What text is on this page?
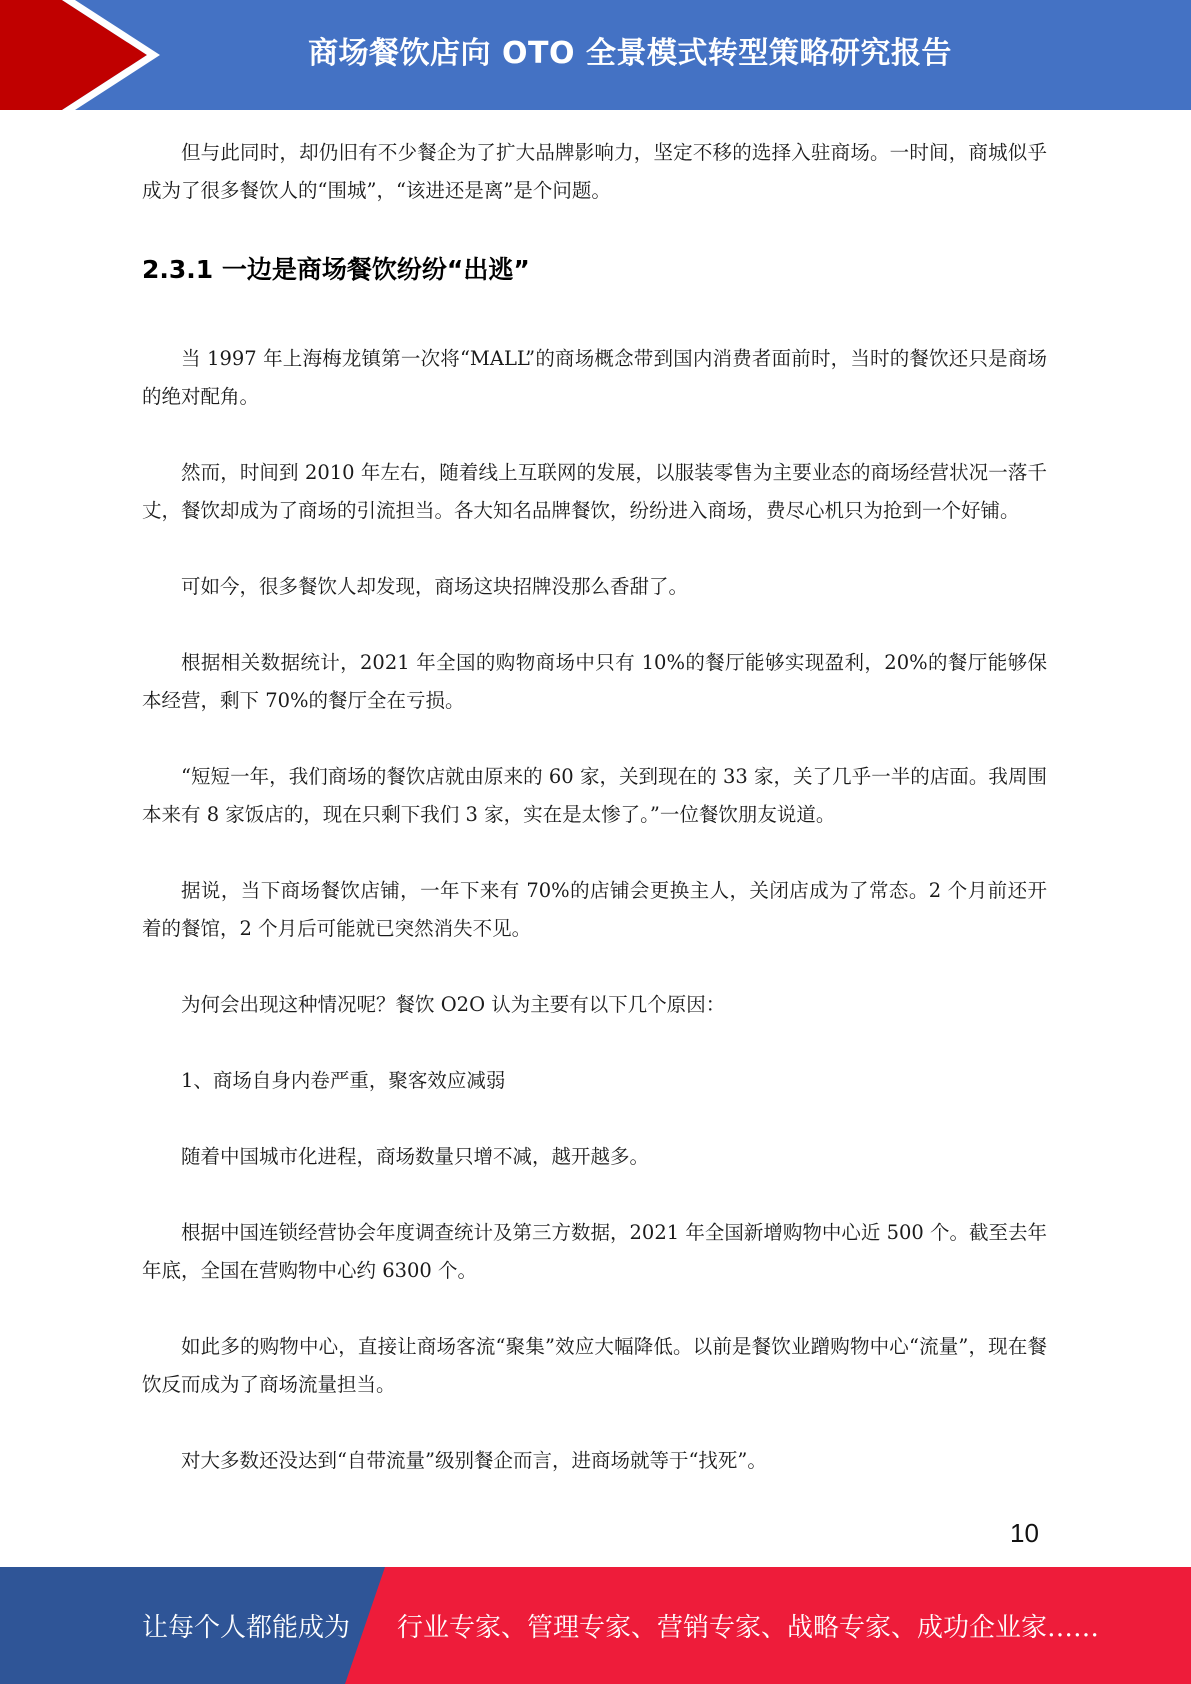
商场餐饮店向 OTO 全景模式转型策略研究报告

但与此同时，却仍旧有不少餐企为了扩大品牌影响力，坚定不移的选择入驻商场。一时间，商城似乎成为了很多餐饮人的“围城”，“该进还是离”是个问题。

2.3.1 一边是商场餐饮纷纷“出逃”

当 1997 年上海梅龙镇第一次将“MALL”的商场概念带到国内消费者面前时，当时的餐饮还只是商场的绝对配角。

然而，时间到 2010 年左右，随着线上互联网的发展，以服装零售为主要业态的商场经营状况一落千丈，餐饮却成为了商场的引流担当。各大知名品牌餐饮，纷纷进入商场，费尽心机只为抢到一个好铺。

可如今，很多餐饮人却发现，商场这块招牌没那么香甜了。

根据相关数据统计，2021 年全国的购物商场中只有 10%的餐厅能够实现盈利，20%的餐厅能够保本经营，剩下 70%的餐厅全在亏损。

“短短一年，我们商场的餐饮店就由原来的 60 家，关到现在的 33 家，关了几乎一半的店面。我周围本来有 8 家饭店的，现在只剩下我们 3 家，实在是太惨了。”一位餐饮朋友说道。

据说，当下商场餐饮店铺，一年下来有 70%的店铺会更换主人，关闭店成为了常态。2 个月前还开着的餐馆，2 个月后可能就已突然消失不见。

为何会出现这种情况呢？餐饮 O2O 认为主要有以下几个原因：

1、商场自身内卷严重，聚客效应减弱

随着中国城市化进程，商场数量只增不减，越开越多。

根据中国连锁经营协会年度调查统计及第三方数据，2021 年全国新增购物中心近 500 个。截至去年年底，全国在营购物中心约 6300 个。

如此多的购物中心，直接让商场客流“聚集”效应大幅降低。以前是餐饮业蹭购物中心“流量”，现在餐饮反而成为了商场流量担当。

对大多数还没达到“自带流量”级别餐企而言，进商场就等于“找死”。

10
让每个人都能成为 行业专家、管理专家、营销专家、战略专家、成功企业家……
